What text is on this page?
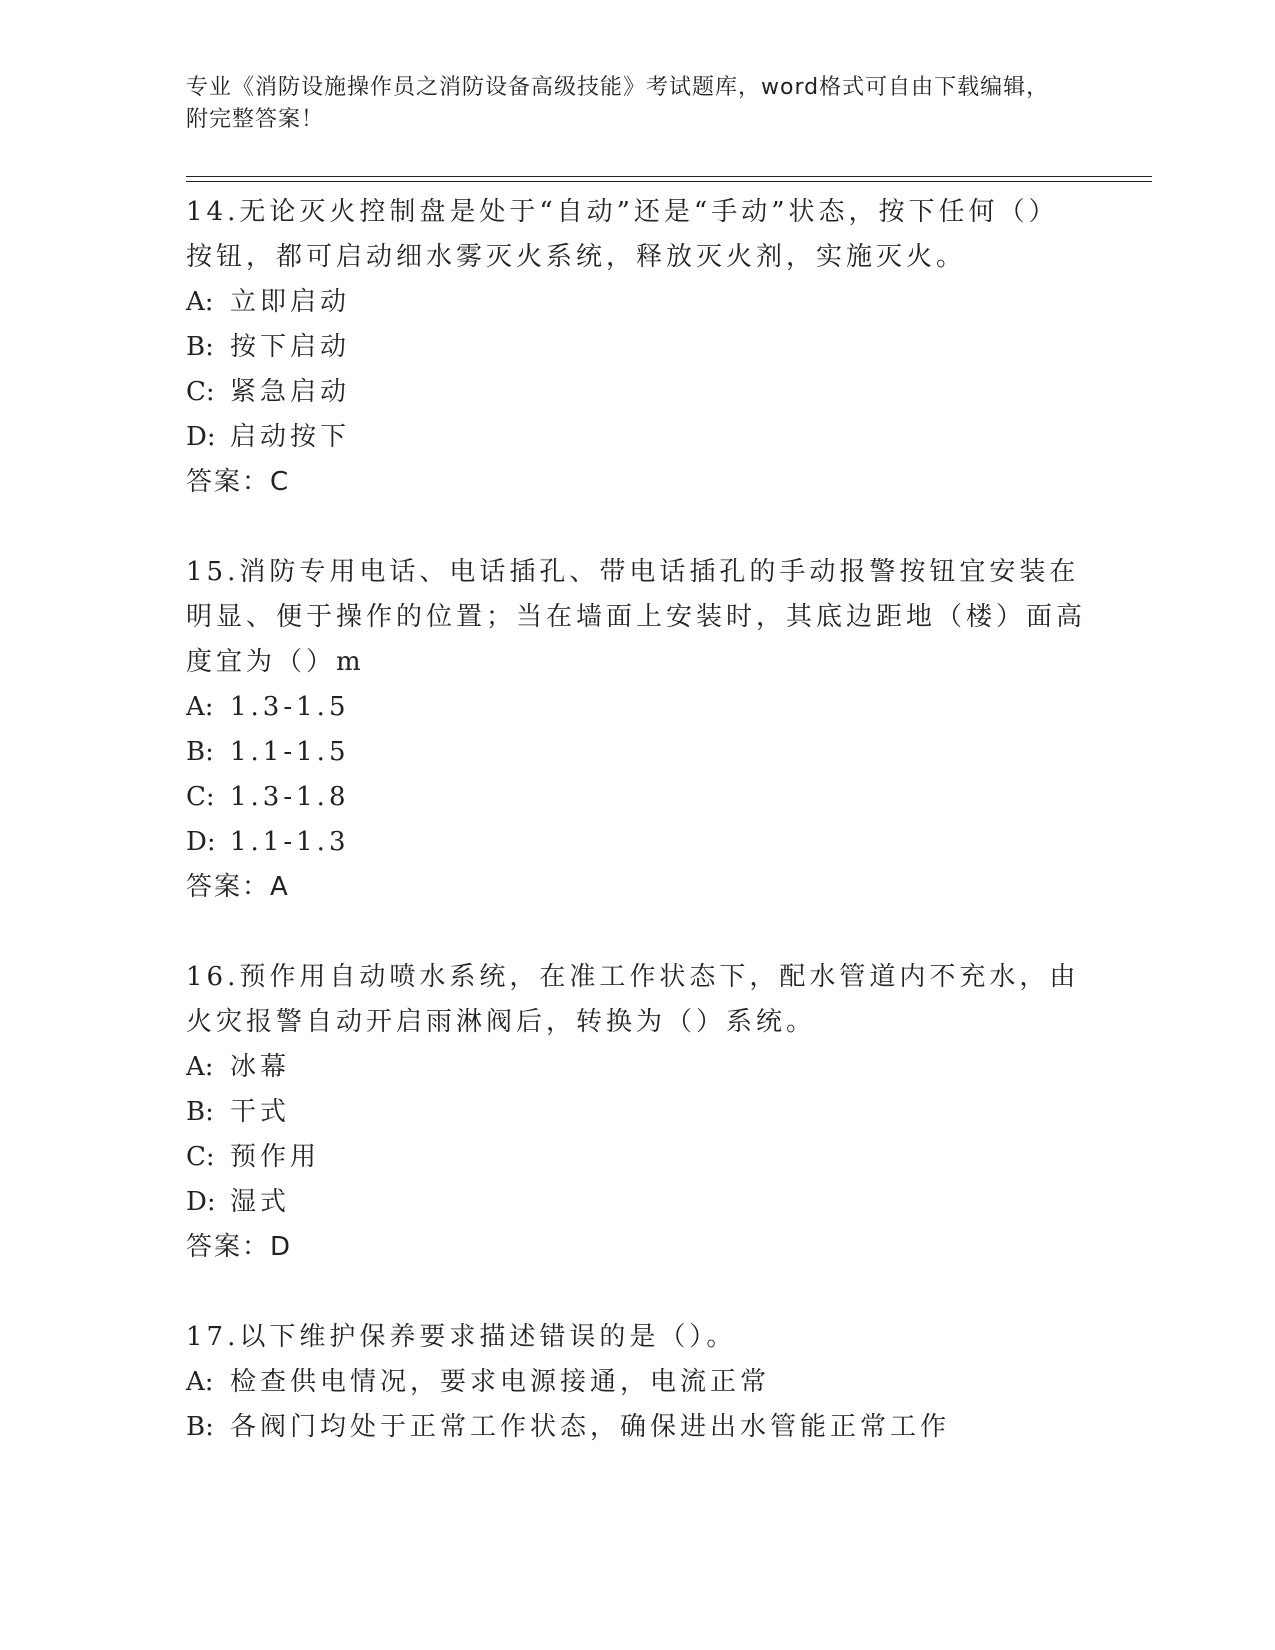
专业《消防设施操作员之消防设备高级技能》考试题库，word格式可自由下载编辑，附完整答案！

14.无论灭火控制盘是处于“自动”还是“手动”状态，按下任何（）按钮，都可启动细水雾灭火系统，释放灭火剂，实施灭火。

A: 立即启动

B: 按下启动

C: 紧急启动

D: 启动按下

答案：C

15.消防专用电话、电话插孔、带电话插孔的手动报警按钮宜安装在明显、便于操作的位置；当在墙面上安装时，其底边距地（楼）面高度宜为（）m

A: 1.3-1.5

B: 1.1-1.5

C: 1.3-1.8

D: 1.1-1.3

答案：A

16.预作用自动喷水系统，在准工作状态下，配水管道内不充水，由火灾报警自动开启雨淋阀后，转换为（）系统。

A: 冰幕

B: 干式

C: 预作用

D: 湿式

答案：D

17.以下维护保养要求描述错误的是（）。

A: 检查供电情况，要求电源接通，电流正常

B: 各阀门均处于正常工作状态，确保进出水管能正常工作
